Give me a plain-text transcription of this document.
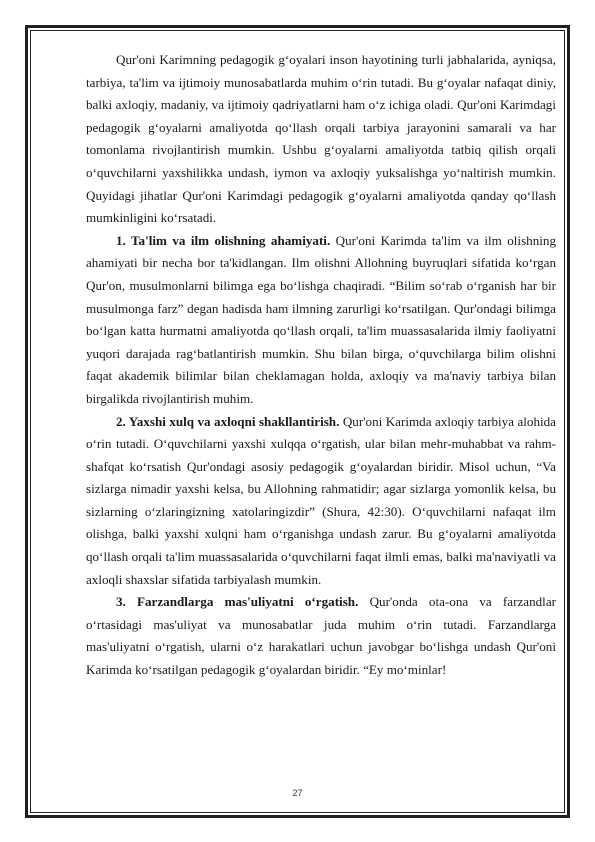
Qur'oni Karimning pedagogik g‘oyalari inson hayotining turli jabhalarida, ayniqsa, tarbiya, ta'lim va ijtimoiy munosabatlarda muhim o‘rin tutadi. Bu g‘oyalar nafaqat diniy, balki axloqiy, madaniy, va ijtimoiy qadriyatlarni ham o‘z ichiga oladi. Qur'oni Karimdagi pedagogik g‘oyalarni amaliyotda qo‘llash orqali tarbiya jarayonini samarali va har tomonlama rivojlantirish mumkin. Ushbu g‘oyalarni amaliyotda tatbiq qilish orqali o‘quvchilarni yaxshilikka undash, iymon va axloqiy yuksalishga yo‘naltirish mumkin. Quyidagi jihatlar Qur'oni Karimdagi pedagogik g‘oyalarni amaliyotda qanday qo‘llash mumkinligini ko‘rsatadi.

1. Ta'lim va ilm olishning ahamiyati. Qur'oni Karimda ta'lim va ilm olishning ahamiyati bir necha bor ta'kidlangan. Ilm olishni Allohning buyruqlari sifatida ko‘rgan Qur'on, musulmonlarni bilimga ega bo‘lishga chaqiradi. “Bilim so‘rab o‘rganish har bir musulmonga farz” degan hadisda ham ilmning zarurligi ko‘rsatilgan. Qur'ondagi bilimga bo‘lgan katta hurmatni amaliyotda qo‘llash orqali, ta'lim muassasalarida ilmiy faoliyatni yuqori darajada rag‘batlantirish mumkin. Shu bilan birga, o‘quvchilarga bilim olishni faqat akademik bilimlar bilan cheklamagan holda, axloqiy va ma'naviy tarbiya bilan birgalikda rivojlantirish muhim.

2. Yaxshi xulq va axloqni shakllantirish. Qur'oni Karimda axloqiy tarbiya alohida o‘rin tutadi. O‘quvchilarni yaxshi xulqqa o‘rgatish, ular bilan mehr-muhabbat va rahm-shafqat ko‘rsatish Qur'ondagi asosiy pedagogik g‘oyalardan biridir. Misol uchun, “Va sizlarga nimadir yaxshi kelsa, bu Allohning rahmatidir; agar sizlarga yomonlik kelsa, bu sizlarning o‘zlaringizning xatolaringizdir” (Shura, 42:30). O‘quvchilarni nafaqat ilm olishga, balki yaxshi xulqni ham o‘rganishga undash zarur. Bu g‘oyalarni amaliyotda qo‘llash orqali ta'lim muassasalarida o‘quvchilarni faqat ilmli emas, balki ma'naviyatli va axloqli shaxslar sifatida tarbiyalash mumkin.

3. Farzandlarga mas'uliyatni o‘rgatish. Qur'onda ota-ona va farzandlar o‘rtasidagi mas'uliyat va munosabatlar juda muhim o‘rin tutadi. Farzandlarga mas'uliyatni o‘rgatish, ularni o‘z harakatlari uchun javobgar bo‘lishga undash Qur'oni Karimda ko‘rsatilgan pedagogik g‘oyalardan biridir. “Ey mo‘minlar!

27
